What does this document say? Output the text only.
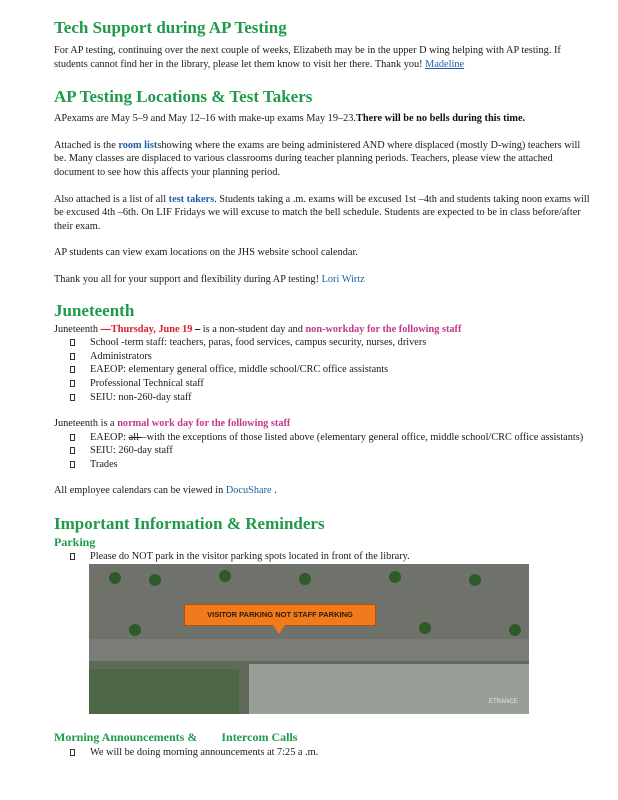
Tech Support during AP Testing

For AP testing, continuing over the next couple of weeks, Elizabeth may be in the upper D wing helping with AP testing. If students cannot find her in the library, please let them know to visit her there. Thank you! Madeline

AP Testing Locations & Test Takers

APexams are May 5–9 and May 12–16 with make-up exams May 19–23.There will be no bells during this time.

Attached is the room listshowing where the exams are being administered AND where displaced (mostly D-wing) teachers will be. Many classes are displaced to various classrooms during teacher planning periods. Teachers, please view the attached document to see how this affects your planning period.

Also attached is a list of all test takers. Students taking a .m. exams will be excused 1st –4th and students taking noon exams will be excused 4th –6th. On LIF Fridays we will excuse to match the bell schedule. Students are expected to be in class before/after their exam.

AP students can view exam locations on the JHS website school calendar.

Thank you all for your support and flexibility during AP testing! Lori Wirtz

Juneteenth

Juneteenth —Thursday, June 19 – is a non-student day and non-workday for the following staff

School -term staff: teachers, paras, food services, campus security, nurses, drivers
Administrators
EAEOP: elementary general office, middle school/CRC office assistants
Professional Technical staff
SEIU: non-260-day staff

Juneteenth is a normal work day for the following staff

EAEOP: all –with the exceptions of those listed above (elementary general office, middle school/CRC office assistants)
SEIU: 260-day staff
Trades

All employee calendars can be viewed in DocuShare .

Important Information & Reminders
Parking
Please do NOT park in the visitor parking spots located in front of the library.
VISITOR PARKING NOT STAFF PARKING
ETRANCE
Morning Announcements &        Intercom Calls
We will be doing morning announcements at 7:25 a .m.
